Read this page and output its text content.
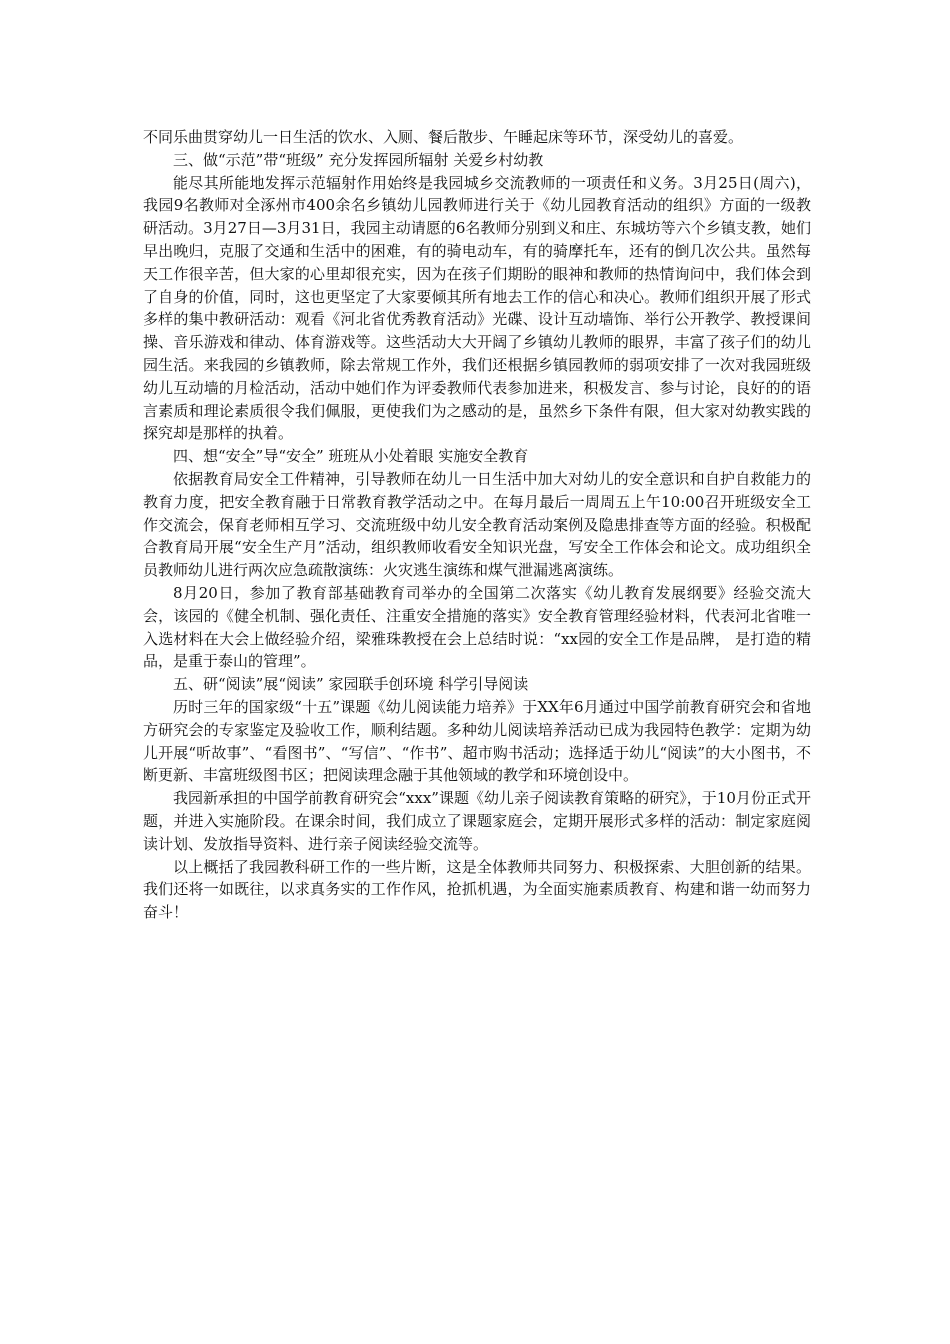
不同乐曲贯穿幼儿一日生活的饮水、入厕、餐后散步、午睡起床等环节，深受幼儿的喜爱。

三、做“示范”带“班级” 充分发挥园所辐射 关爱乡村幼教

能尽其所能地发挥示范辐射作用始终是我园城乡交流教师的一项责任和义务。3月25日(周六)，我园9名教师对全涿州市400余名乡镇幼儿园教师进行关于《幼儿园教育活动的组织》方面的一级教研活动。3月27日—3月31日，我园主动请愿的6名教师分别到义和庄、东城坊等六个乡镇支教，她们早出晚归，克服了交通和生活中的困难，有的骑电动车，有的骑摩托车，还有的倒几次公共。虽然每天工作很辛苦，但大家的心里却很充实，因为在孩子们期盼的眼神和教师的热情询问中，我们体会到了自身的价值，同时，这也更坚定了大家要倾其所有地去工作的信心和决心。教师们组织开展了形式多样的集中教研活动：观看《河北省优秀教育活动》光碟、设计互动墙饰、举行公开教学、教授课间操、音乐游戏和律动、体育游戏等。这些活动大大开阔了乡镇幼儿教师的眼界，丰富了孩子们的幼儿园生活。来我园的乡镇教师，除去常规工作外，我们还根据乡镇园教师的弱项安排了一次对我园班级幼儿互动墙的月检活动，活动中她们作为评委教师代表参加进来，积极发言、参与讨论，良好的的语言素质和理论素质很令我们佩服，更使我们为之感动的是，虽然乡下条件有限，但大家对幼教实践的探究却是那样的执着。

四、想“安全”导“安全” 班班从小处着眼 实施安全教育

依据教育局安全工件精神，引导教师在幼儿一日生活中加大对幼儿的安全意识和自护自救能力的教育力度，把安全教育融于日常教育教学活动之中。在每月最后一周周五上午10:00召开班级安全工作交流会，保育老师相互学习、交流班级中幼儿安全教育活动案例及隐患排查等方面的经验。积极配合教育局开展“安全生产月”活动，组织教师收看安全知识光盘，写安全工作体会和论文。成功组织全员教师幼儿进行两次应急疏散演练：火灾逃生演练和煤气泄漏逃离演练。

8月20日，参加了教育部基础教育司举办的全国第二次落实《幼儿教育发展纲要》经验交流大会，该园的《健全机制、强化责任、注重安全措施的落实》安全教育管理经验材料，代表河北省唯一入选材料在大会上做经验介绍，梁雅珠教授在会上总结时说：“xx园的安全工作是品牌， 是打造的精品，是重于泰山的管理”。

五、研“阅读”展“阅读” 家园联手创环境 科学引导阅读

历时三年的国家级“十五”课题《幼儿阅读能力培养》于XX年6月通过中国学前教育研究会和省地方研究会的专家鉴定及验收工作，顺利结题。多种幼儿阅读培养活动已成为我园特色教学：定期为幼儿开展“听故事”、“看图书”、“写信”、“作书”、超市购书活动；选择适于幼儿“阅读”的大小图书，不断更新、丰富班级图书区；把阅读理念融于其他领域的教学和环境创设中。

我园新承担的中国学前教育研究会“xxx”课题《幼儿亲子阅读教育策略的研究》，于10月份正式开题，并进入实施阶段。在课余时间，我们成立了课题家庭会，定期开展形式多样的活动：制定家庭阅读计划、发放指导资料、进行亲子阅读经验交流等。

以上概括了我园教科研工作的一些片断，这是全体教师共同努力、积极探索、大胆创新的结果。我们还将一如既往，以求真务实的工作作风，抢抓机遇，为全面实施素质教育、构建和谐一幼而努力奋斗！
